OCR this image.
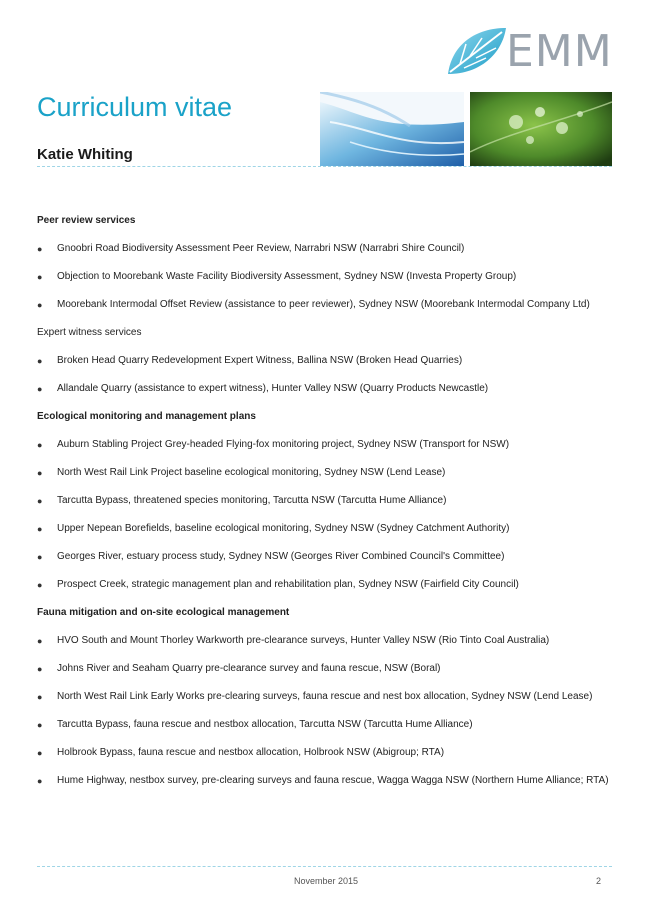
EMM
Curriculum vitae
Katie Whiting
Peer review services
● Gnoobri Road Biodiversity Assessment Peer Review, Narrabri NSW (Narrabri Shire Council)
● Objection to Moorebank Waste Facility Biodiversity Assessment, Sydney NSW (Investa Property Group)
● Moorebank Intermodal Offset Review (assistance to peer reviewer), Sydney NSW (Moorebank Intermodal Company Ltd)
Expert witness services
● Broken Head Quarry Redevelopment Expert Witness, Ballina NSW (Broken Head Quarries)
● Allandale Quarry (assistance to expert witness), Hunter Valley NSW (Quarry Products Newcastle)
Ecological monitoring and management plans
● Auburn Stabling Project Grey-headed Flying-fox monitoring project, Sydney NSW (Transport for NSW)
● North West Rail Link Project baseline ecological monitoring, Sydney NSW (Lend Lease)
● Tarcutta Bypass, threatened species monitoring, Tarcutta NSW (Tarcutta Hume Alliance)
● Upper Nepean Borefields, baseline ecological monitoring, Sydney NSW (Sydney Catchment Authority)
● Georges River, estuary process study, Sydney NSW (Georges River Combined Council's Committee)
● Prospect Creek, strategic management plan and rehabilitation plan, Sydney NSW (Fairfield City Council)
Fauna mitigation and on-site ecological management
● HVO South and Mount Thorley Warkworth pre-clearance surveys, Hunter Valley NSW (Rio Tinto Coal Australia)
● Johns River and Seaham Quarry pre-clearance survey and fauna rescue, NSW (Boral)
● North West Rail Link Early Works pre-clearing surveys, fauna rescue and nest box allocation, Sydney NSW (Lend Lease)
● Tarcutta Bypass, fauna rescue and nestbox allocation, Tarcutta NSW (Tarcutta Hume Alliance)
● Holbrook Bypass, fauna rescue and nestbox allocation, Holbrook NSW (Abigroup; RTA)
● Hume Highway, nestbox survey, pre-clearing surveys and fauna rescue, Wagga Wagga NSW (Northern Hume Alliance; RTA)
November 2015	2
